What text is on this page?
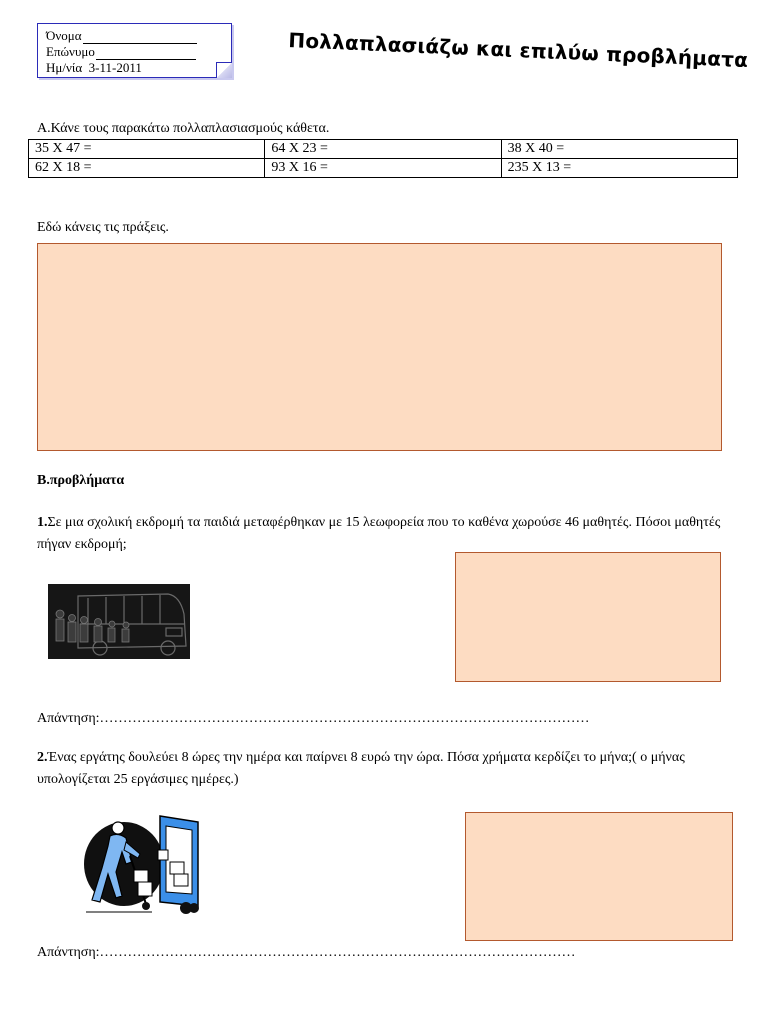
Όνομα
Επώνυμο
Ημ/νία
3-11-2011	Πολλαπλασιάζω και επιλύω προβλήματα
Α.Κάνε τους παρακάτω πολλαπλασιασμούς κάθετα.
35 Χ 47 =	64 Χ 23 =	38 Χ 40 =
62 Χ 18 =	93 Χ 16 =	235 Χ 13 =
Εδώ κάνεις τις πράξεις.
Β.προβλήματα
1.Σε μια σχολική εκδρομή τα παιδιά μεταφέρθηκαν με 15 λεωφορεία που το καθένα χωρούσε 46 μαθητές. Πόσοι μαθητές πήγαν εκδρομή;
Απάντηση:……………………………………………………………………………………………
2.Ένας εργάτης δουλεύει 8 ώρες την ημέρα και παίρνει 8 ευρώ την ώρα. Πόσα χρήματα κερδίζει το μήνα;( ο μήνας υπολογίζεται 25 εργάσιμες ημέρες.)
Απάντηση:…………………………………………………………………………………………
